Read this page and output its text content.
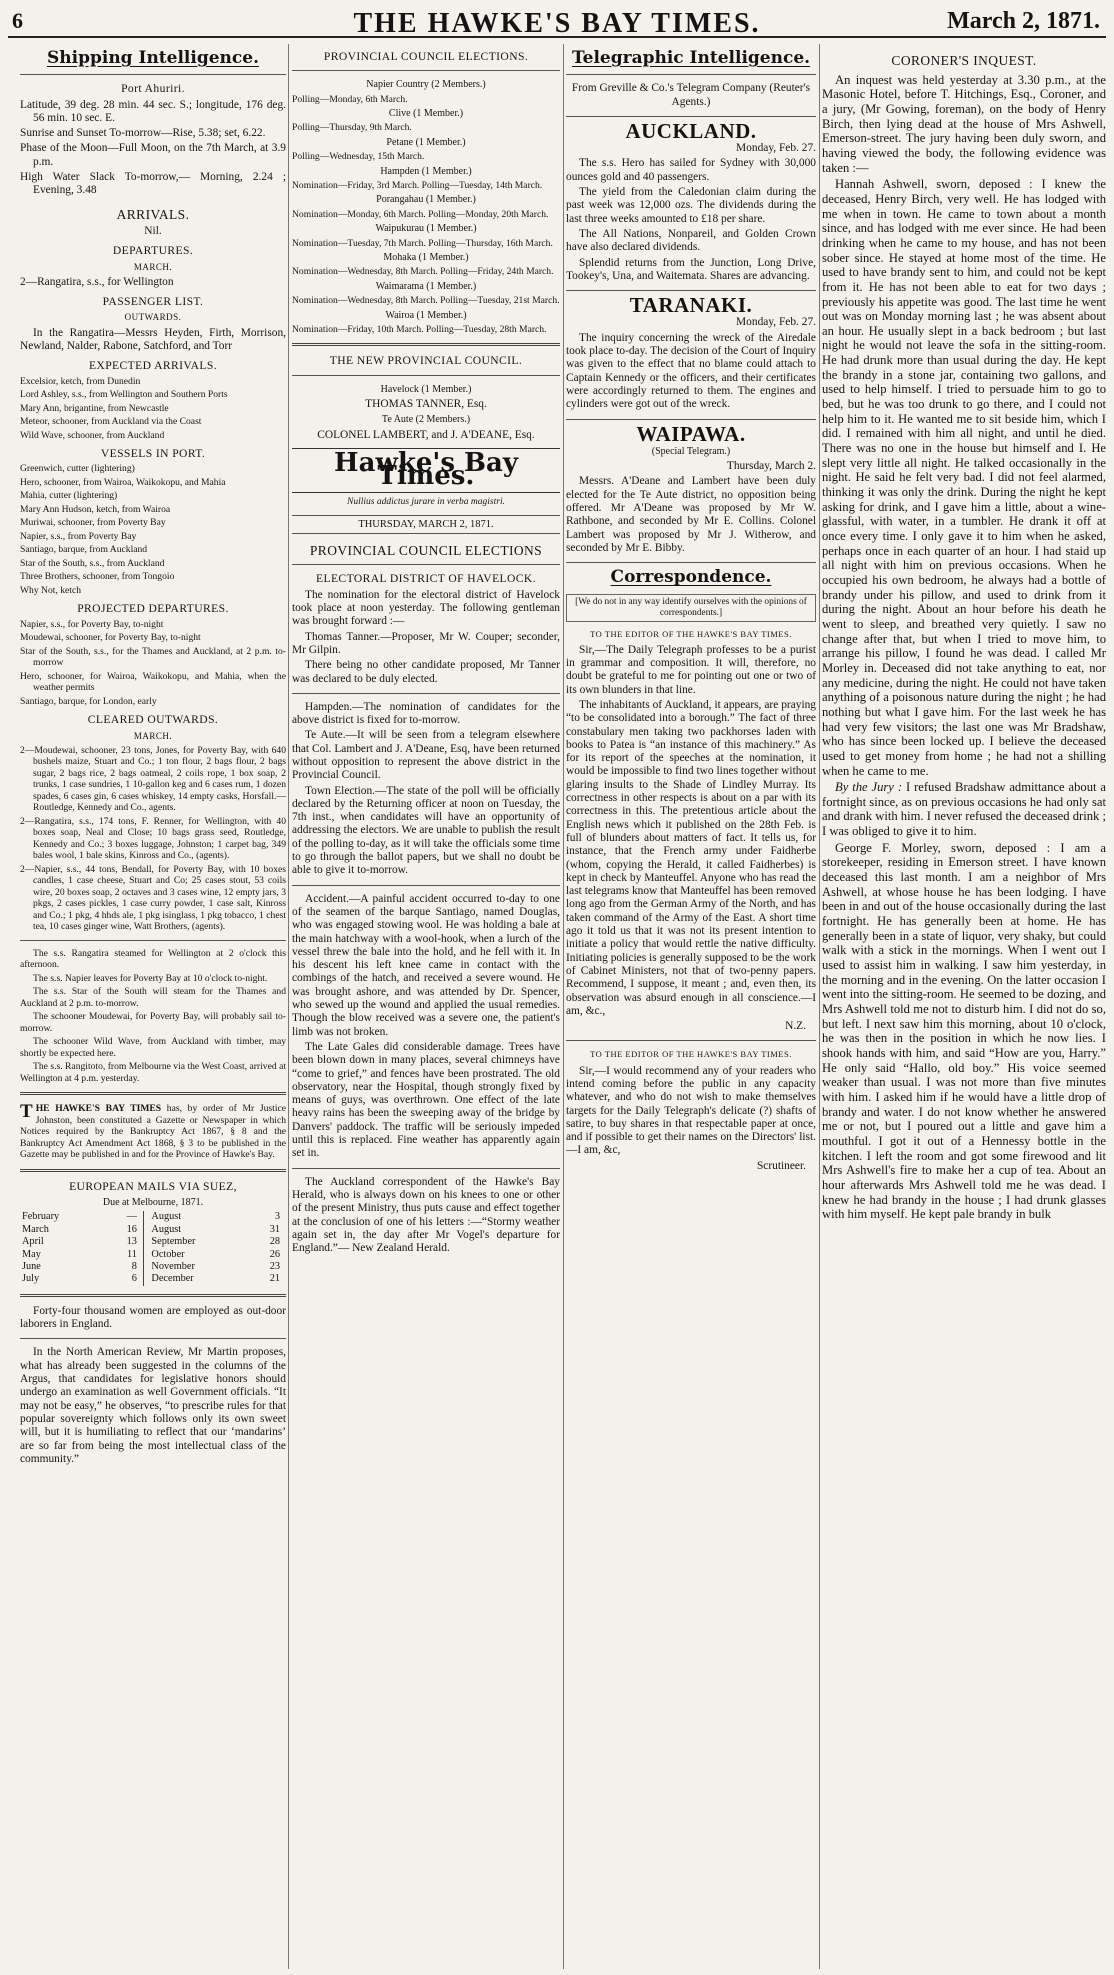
6	THE HAWKE'S BAY TIMES.	March 2, 1871.
Shipping Intelligence.
Port Ahuriri.

Latitude, 39 deg. 28 min. 44 sec. S.; longitude, 176 deg. 56 min. 10 sec. E.

Sunrise and Sunset To-morrow—Rise, 5.38; set, 6.22.

Phase of the Moon—Full Moon, on the 7th March, at 3.9 p.m.

High Water Slack To-morrow,— Morning, 2.24 ; Evening, 3.48

ARRIVALS.
Nil.
DEPARTURES.
MARCH.

2—Rangatira, s.s., for Wellington

PASSENGER LIST.
OUTWARDS.

In the Rangatira—Messrs Heyden, Firth, Morrison, Newland, Nalder, Rabone, Satchford, and Torr

EXPECTED ARRIVALS.

Excelsior, ketch, from Dunedin

Lord Ashley, s.s., from Wellington and Southern Ports

Mary Ann, brigantine, from Newcastle

Meteor, schooner, from Auckland via the Coast

Wild Wave, schooner, from Auckland

VESSELS IN PORT.

Greenwich, cutter (lightering)

Hero, schooner, from Wairoa, Waikokopu, and Mahia

Mahia, cutter (lightering)

Mary Ann Hudson, ketch, from Wairoa

Muriwai, schooner, from Poverty Bay

Napier, s.s., from Poverty Bay

Santiago, barque, from Auckland

Star of the South, s.s., from Auckland

Three Brothers, schooner, from Tongoio

Why Not, ketch

PROJECTED DEPARTURES.

Napier, s.s., for Poverty Bay, to-night

Moudewai, schooner, for Poverty Bay, to-night

Star of the South, s.s., for the Thames and Auckland, at 2 p.m. to-morrow

Hero, schooner, for Wairoa, Waikokopu, and Mahia, when the weather permits

Santiago, barque, for London, early

CLEARED OUTWARDS.
MARCH.

2—Moudewai, schooner, 23 tons, Jones, for Poverty Bay, with 640 bushels maize, Stuart and Co.; 1 ton flour, 2 bags flour, 2 bags sugar, 2 bags rice, 2 bags oatmeal, 2 coils rope, 1 box soap, 2 trunks, 1 case sundries, 1 10-gallon keg and 6 cases rum, 1 dozen spades, 6 cases gin, 6 cases whiskey, 14 empty casks, Horsfall.—Routledge, Kennedy and Co., agents.

2—Rangatira, s.s., 174 tons, F. Renner, for Wellington, with 40 boxes soap, Neal and Close; 10 bags grass seed, Routledge, Kennedy and Co.; 3 boxes luggage, Johnston; 1 carpet bag, 349 bales wool, 1 bale skins, Kinross and Co., (agents).

2—Napier, s.s., 44 tons, Bendall, for Poverty Bay, with 10 boxes candles, 1 case cheese, Stuart and Co; 25 cases stout, 53 coils wire, 20 boxes soap, 2 octaves and 3 cases wine, 12 empty jars, 3 pkgs, 2 cases pickles, 1 case curry powder, 1 case salt, Kinross and Co.; 1 pkg, 4 hhds ale, 1 pkg isinglass, 1 pkg tobacco, 1 chest tea, 10 cases ginger wine, Watt Brothers, (agents).

The s.s. Rangatira steamed for Wellington at 2 o'clock this afternoon.

The s.s. Napier leaves for Poverty Bay at 10 o'clock to-night.

The s.s. Star of the South will steam for the Thames and Auckland at 2 p.m. to-morrow.

The schooner Moudewai, for Poverty Bay, will probably sail to-morrow.

The schooner Wild Wave, from Auckland with timber, may shortly be expected here.

The s.s. Rangitoto, from Melbourne via the West Coast, arrived at Wellington at 4 p.m. yesterday.

THE HAWKE'S BAY TIMES has, by order of Mr Justice Johnston, been constituted a Gazette or Newspaper in which Notices required by the Bankruptcy Act 1867, § 8 and the Bankruptcy Act Amendment Act 1868, § 3 to be published in the Gazette may be published in and for the Province of Hawke's Bay.

EUROPEAN MAILS VIA SUEZ,
Due at Melbourne, 1871.
February	—		August	3
March	16		August	31
April	13		September	28
May	11		October	26
June	8		November	23
July	6		December	21

Forty-four thousand women are employed as out-door laborers in England.

In the North American Review, Mr Martin proposes, what has already been suggested in the columns of the Argus, that candidates for legislative honors should undergo an examination as well Government officials. “It may not be easy,” he observes, “to prescribe rules for that popular sovereignty which follows only its own sweet will, but it is humiliating to reflect that our ‘mandarins’ are so far from being the most intellectual class of the community.”

PROVINCIAL COUNCIL ELECTIONS.
Napier Country (2 Members.)

Polling—Monday, 6th March.

Clive (1 Member.)

Polling—Thursday, 9th March.

Petane (1 Member.)

Polling—Wednesday, 15th March.

Hampden (1 Member.)

Nomination—Friday, 3rd March. Polling—Tuesday, 14th March.

Porangahau (1 Member.)

Nomination—Monday, 6th March. Polling—Monday, 20th March.

Waipukurau (1 Member.)

Nomination—Tuesday, 7th March. Polling—Thursday, 16th March.

Mohaka (1 Member.)

Nomination—Wednesday, 8th March. Polling—Friday, 24th March.

Waimarama (1 Member.)

Nomination—Wednesday, 8th March. Polling—Tuesday, 21st March.

Wairoa (1 Member.)

Nomination—Friday, 10th March. Polling—Tuesday, 28th March.

THE NEW PROVINCIAL COUNCIL.
Havelock (1 Member.)
THOMAS TANNER, Esq.
Te Aute (2 Members.)
COLONEL LAMBERT, and J. A'DEANE, Esq.
Hawke's Bay Times.
Nullius addictus jurare in verba magistri.
THURSDAY, MARCH 2, 1871.
PROVINCIAL COUNCIL ELECTIONS
ELECTORAL DISTRICT OF HAVELOCK.

The nomination for the electoral district of Havelock took place at noon yesterday. The following gentleman was brought forward :—

Thomas Tanner.—Proposer, Mr W. Couper; seconder, Mr Gilpin.

There being no other candidate proposed, Mr Tanner was declared to be duly elected.

Hampden.—The nomination of candidates for the above district is fixed for to-morrow.

Te Aute.—It will be seen from a telegram elsewhere that Col. Lambert and J. A'Deane, Esq, have been returned without opposition to represent the above district in the Provincial Council.

Town Election.—The state of the poll will be officially declared by the Returning officer at noon on Tuesday, the 7th inst., when candidates will have an opportunity of addressing the electors. We are unable to publish the result of the polling to-day, as it will take the officials some time to go through the ballot papers, but we shall no doubt be able to give it to-morrow.

Accident.—A painful accident occurred to-day to one of the seamen of the barque Santiago, named Douglas, who was engaged stowing wool. He was holding a bale at the main hatchway with a wool-hook, when a lurch of the vessel threw the bale into the hold, and he fell with it. In his descent his left knee came in contact with the combings of the hatch, and received a severe wound. He was brought ashore, and was attended by Dr. Spencer, who sewed up the wound and applied the usual remedies. Though the blow received was a severe one, the patient's limb was not broken.

The Late Gales did considerable damage. Trees have been blown down in many places, several chimneys have “come to grief,” and fences have been prostrated. The old observatory, near the Hospital, though strongly fixed by means of guys, was overthrown. One effect of the late heavy rains has been the sweeping away of the bridge by Danvers' paddock. The traffic will be seriously impeded until this is replaced. Fine weather has apparently again set in.

The Auckland correspondent of the Hawke's Bay Herald, who is always down on his knees to one or other of the present Ministry, thus puts cause and effect together at the conclusion of one of his letters :—“Stormy weather again set in, the day after Mr Vogel's departure for England.”— New Zealand Herald.

Telegraphic Intelligence.
From Greville & Co.'s Telegram Company (Reuter's Agents.)
AUCKLAND.
Monday, Feb. 27.

The s.s. Hero has sailed for Sydney with 30,000 ounces gold and 40 passengers.

The yield from the Caledonian claim during the past week was 12,000 ozs. The dividends during the last three weeks amounted to £18 per share.

The All Nations, Nonpareil, and Golden Crown have also declared dividends.

Splendid returns from the Junction, Long Drive, Tookey's, Una, and Waitemata. Shares are advancing.

TARANAKI.
Monday, Feb. 27.

The inquiry concerning the wreck of the Airedale took place to-day. The decision of the Court of Inquiry was given to the effect that no blame could attach to Captain Kennedy or the officers, and their certificates were accordingly returned to them. The engines and cylinders were got out of the wreck.

WAIPAWA.
(Special Telegram.)
Thursday, March 2.

Messrs. A'Deane and Lambert have been duly elected for the Te Aute district, no opposition being offered. Mr A'Deane was proposed by Mr W. Rathbone, and seconded by Mr E. Collins. Colonel Lambert was proposed by Mr J. Witherow, and seconded by Mr E. Bibby.

Correspondence.
[We do not in any way identify ourselves with the opinions of correspondents.]
TO THE EDITOR OF THE HAWKE'S BAY TIMES.

Sir,—The Daily Telegraph professes to be a purist in grammar and composition. It will, therefore, no doubt be grateful to me for pointing out one or two of its own blunders in that line.

The inhabitants of Auckland, it appears, are praying “to be consolidated into a borough.” The fact of three constabulary men taking two packhorses laden with books to Patea is “an instance of this machinery.” As for its report of the speeches at the nomination, it would be impossible to find two lines together without glaring insults to the Shade of Lindley Murray. Its correctness in other respects is about on a par with its correctness in this. The pretentious article about the English news which it published on the 28th Feb. is full of blunders about matters of fact. It tells us, for instance, that the French army under Faidherbe (whom, copying the Herald, it called Faidherbes) is kept in check by Manteuffel. Anyone who has read the last telegrams know that Manteuffel has been removed long ago from the German Army of the North, and has taken command of the Army of the East. A short time ago it told us that it was not its present intention to initiate a policy that would rettle the native difficulty. Initiating policies is generally supposed to be the work of Cabinet Ministers, not that of two-penny papers. Recommend, I suppose, it meant ; and, even then, its observation was absurd enough in all conscience.—I am, &c.,

N.Z.
TO THE EDITOR OF THE HAWKE'S BAY TIMES.

Sir,—I would recommend any of your readers who intend coming before the public in any capacity whatever, and who do not wish to make themselves targets for the Daily Telegraph's delicate (?) shafts of satire, to buy shares in that respectable paper at once, and if possible to get their names on the Directors' list.—I am, &c,

Scrutineer.
CORONER'S INQUEST.

An inquest was held yesterday at 3.30 p.m., at the Masonic Hotel, before T. Hitchings, Esq., Coroner, and a jury, (Mr Gowing, foreman), on the body of Henry Birch, then lying dead at the house of Mrs Ashwell, Emerson-street. The jury having been duly sworn, and having viewed the body, the following evidence was taken :—

Hannah Ashwell, sworn, deposed : I knew the deceased, Henry Birch, very well. He has lodged with me when in town. He came to town about a month since, and has lodged with me ever since. He had been drinking when he came to my house, and has not been sober since. He stayed at home most of the time. He used to have brandy sent to him, and could not be kept from it. He has not been able to eat for two days ; previously his appetite was good. The last time he went out was on Monday morning last ; he was absent about an hour. He usually slept in a back bedroom ; but last night he would not leave the sofa in the sitting-room. He had drunk more than usual during the day. He kept the brandy in a stone jar, containing two gallons, and used to help himself. I tried to persuade him to go to bed, but he was too drunk to go there, and I could not help him to it. He wanted me to sit beside him, which I did. I remained with him all night, and until he died. There was no one in the house but himself and I. He slept very little all night. He talked occasionally in the night. He said he felt very bad. I did not feel alarmed, thinking it was only the drink. During the night he kept asking for drink, and I gave him a little, about a wine-glassful, with water, in a tumbler. He drank it off at once every time. I only gave it to him when he asked, perhaps once in each quarter of an hour. I had staid up all night with him on previous occasions. When he occupied his own bedroom, he always had a bottle of brandy under his pillow, and used to drink from it during the night. About an hour before his death he went to sleep, and breathed very quietly. I saw no change after that, but when I tried to move him, to arrange his pillow, I found he was dead. I called Mr Morley in. Deceased did not take anything to eat, nor any medicine, during the night. He could not have taken anything of a poisonous nature during the night ; he had nothing but what I gave him. For the last week he has had very few visitors; the last one was Mr Bradshaw, who has since been locked up. I believe the deceased used to get money from home ; he had not a shilling when he came to me.

By the Jury : I refused Bradshaw admittance about a fortnight since, as on previous occasions he had only sat and drank with him. I never refused the deceased drink ; I was obliged to give it to him.

George F. Morley, sworn, deposed : I am a storekeeper, residing in Emerson street. I have known deceased this last month. I am a neighbor of Mrs Ashwell, at whose house he has been lodging. I have been in and out of the house occasionally during the last fortnight. He has generally been at home. He has generally been in a state of liquor, very shaky, but could walk with a stick in the mornings. When I went out I used to assist him in walking. I saw him yesterday, in the morning and in the evening. On the latter occasion I went into the sitting-room. He seemed to be dozing, and Mrs Ashwell told me not to disturb him. I did not do so, but left. I next saw him this morning, about 10 o'clock, he was then in the position in which he now lies. I shook hands with him, and said “How are you, Harry.” He only said “Hallo, old boy.” His voice seemed weaker than usual. I was not more than five minutes with him. I asked him if he would have a little drop of brandy and water. I do not know whether he answered me or not, but I poured out a little and gave him a mouthful. I got it out of a Hennessy bottle in the kitchen. I left the room and got some firewood and lit Mrs Ashwell's fire to make her a cup of tea. About an hour afterwards Mrs Ashwell told me he was dead. I knew he had brandy in the house ; I had drunk glasses with him myself. He kept pale brandy in bulk
